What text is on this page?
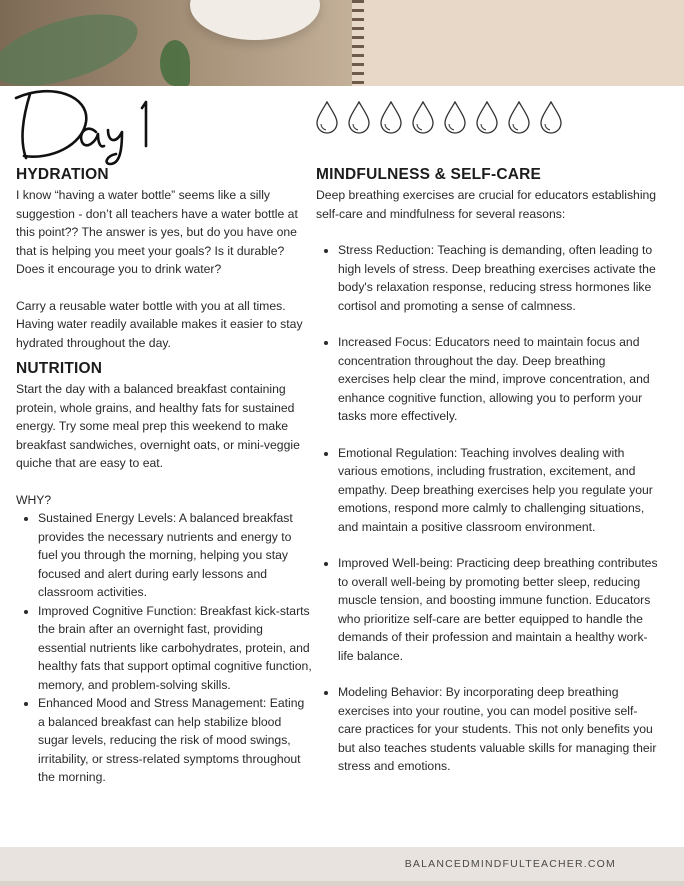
HYDRATION

I know “having a water bottle” seems like a silly suggestion - don’t all teachers have a water bottle at this point?? The answer is yes, but do you have one that is helping you meet your goals? Is it durable? Does it encourage you to drink water?

Carry a reusable water bottle with you at all times. Having water readily available makes it easier to stay hydrated throughout the day.

NUTRITION

Start the day with a balanced breakfast containing protein, whole grains, and healthy fats for sustained energy. Try some meal prep this weekend to make breakfast sandwiches, overnight oats, or mini-veggie quiche that are easy to eat.

WHY?

• Sustained Energy Levels: A balanced breakfast provides the necessary nutrients and energy to fuel you through the morning, helping you stay focused and alert during early lessons and classroom activities.
• Improved Cognitive Function: Breakfast kick-starts the brain after an overnight fast, providing essential nutrients like carbohydrates, protein, and healthy fats that support optimal cognitive function, memory, and problem-solving skills.
• Enhanced Mood and Stress Management: Eating a balanced breakfast can help stabilize blood sugar levels, reducing the risk of mood swings, irritability, or stress-related symptoms throughout the morning.
MINDFULNESS & SELF-CARE

Deep breathing exercises are crucial for educators establishing self-care and mindfulness for several reasons:

• Stress Reduction: Teaching is demanding, often leading to high levels of stress. Deep breathing exercises activate the body's relaxation response, reducing stress hormones like cortisol and promoting a sense of calmness.
• Increased Focus: Educators need to maintain focus and concentration throughout the day. Deep breathing exercises help clear the mind, improve concentration, and enhance cognitive function, allowing you to perform your tasks more effectively.
• Emotional Regulation: Teaching involves dealing with various emotions, including frustration, excitement, and empathy. Deep breathing exercises help you regulate your emotions, respond more calmly to challenging situations, and maintain a positive classroom environment.
• Improved Well-being: Practicing deep breathing contributes to overall well-being by promoting better sleep, reducing muscle tension, and boosting immune function. Educators who prioritize self-care are better equipped to handle the demands of their profession and maintain a healthy work-life balance.
• Modeling Behavior: By incorporating deep breathing exercises into your routine, you can model positive self-care practices for your students. This not only benefits you but also teaches students valuable skills for managing their stress and emotions.
BALANCEDMINDFULTEACHER.COM
